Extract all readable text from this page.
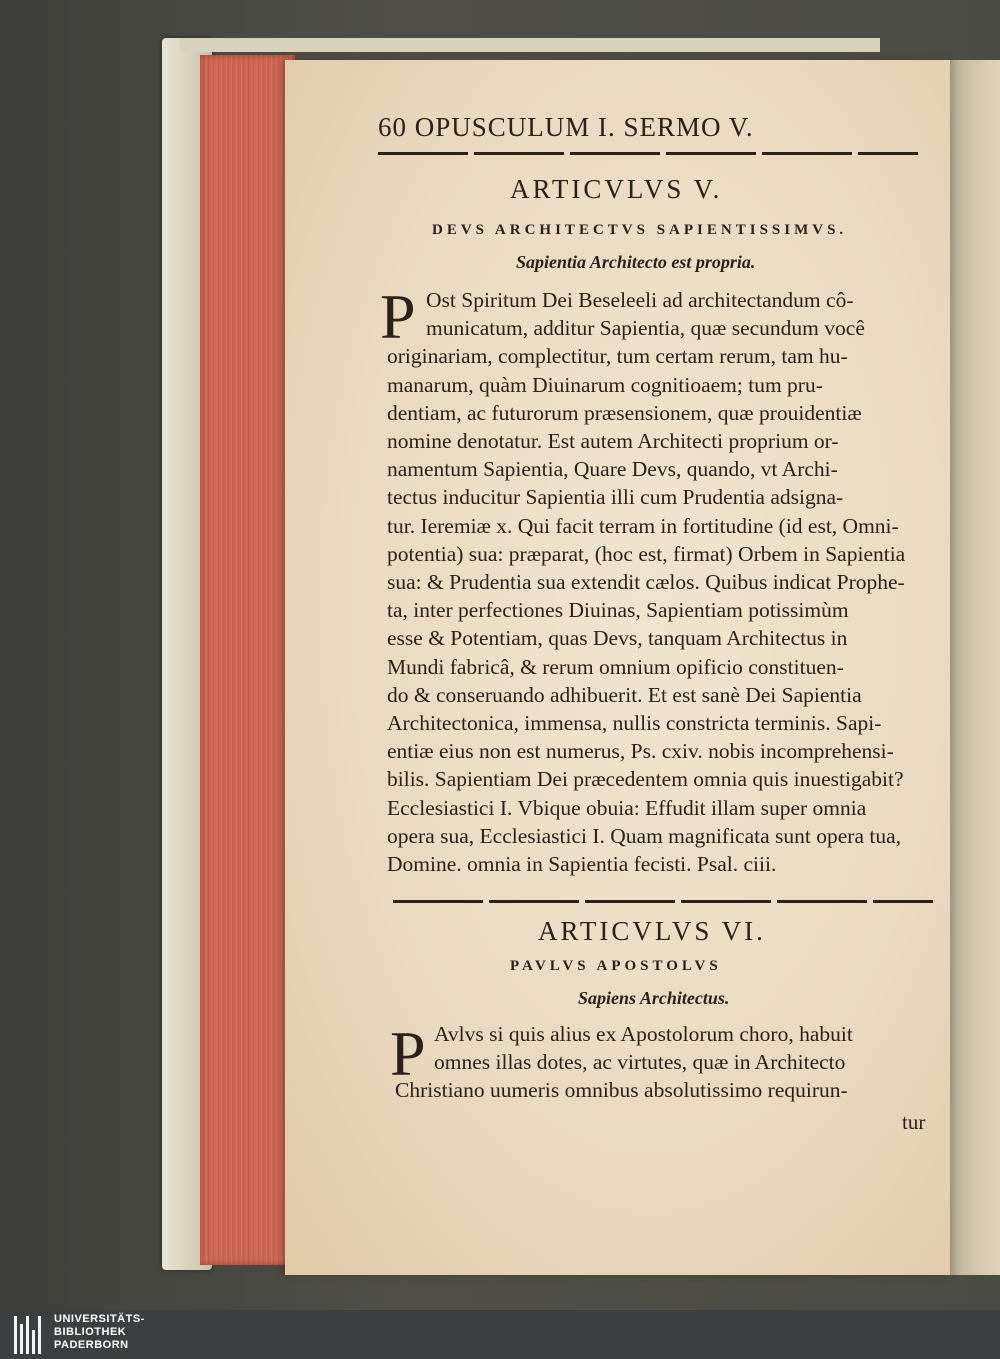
60 OPUSCULUM I. SERMO V.
ARTICVLVS V.
DEVS ARCHITECTVS SAPIENTISSIMVS.
Sapientia Architecto est propria.
P Ost Spiritum Dei Beseleeli ad architectandum cô-
municatum, additur Sapientia, quæ secundum você
originariam, complectitur, tum certam rerum, tam hu-
manarum, quàm Diuinarum cognitioaem; tum pru-
dentiam, ac futurorum præsensionem, quæ prouidentiæ
nomine denotatur. Est autem Architecti proprium or-
namentum Sapientia, Quare Devs, quando, vt Archi-
tectus inducitur Sapientia illi cum Prudentia adsigna-
tur. Ieremiæ x. Qui facit terram in fortitudine (id est, Omni-
potentia) sua: præparat, (hoc est, firmat) Orbem in Sapientia
sua: & Prudentia sua extendit cælos. Quibus indicat Prophe-
ta, inter perfectiones Diuinas, Sapientiam potissimùm
esse & Potentiam, quas Devs, tanquam Architectus in
Mundi fabricâ, & rerum omnium opificio constituen-
do & conseruando adhibuerit. Et est sanè Dei Sapientia
Architectonica, immensa, nullis constricta terminis. Sapi-
entiæ eius non est numerus, Ps. cxiv. nobis incomprehensi-
bilis. Sapientiam Dei præcedentem omnia quis inuestigabit?
Ecclesiastici I. Vbique obuia: Effudit illam super omnia
opera sua, Ecclesiastici I. Quam magnificata sunt opera tua,
Domine. omnia in Sapientia fecisti. Psal. ciii.
ARTICVLVS VI.
PAVLVS APOSTOLVS
Sapiens Architectus.
P Avlvs si quis alius ex Apostolorum choro, habuit
omnes illas dotes, ac virtutes, quæ in Architecto
Christiano uumeris omnibus absolutissimo requirun-
tur
UNIVERSITÄTS-
BIBLIOTHEK
PADERBORN
